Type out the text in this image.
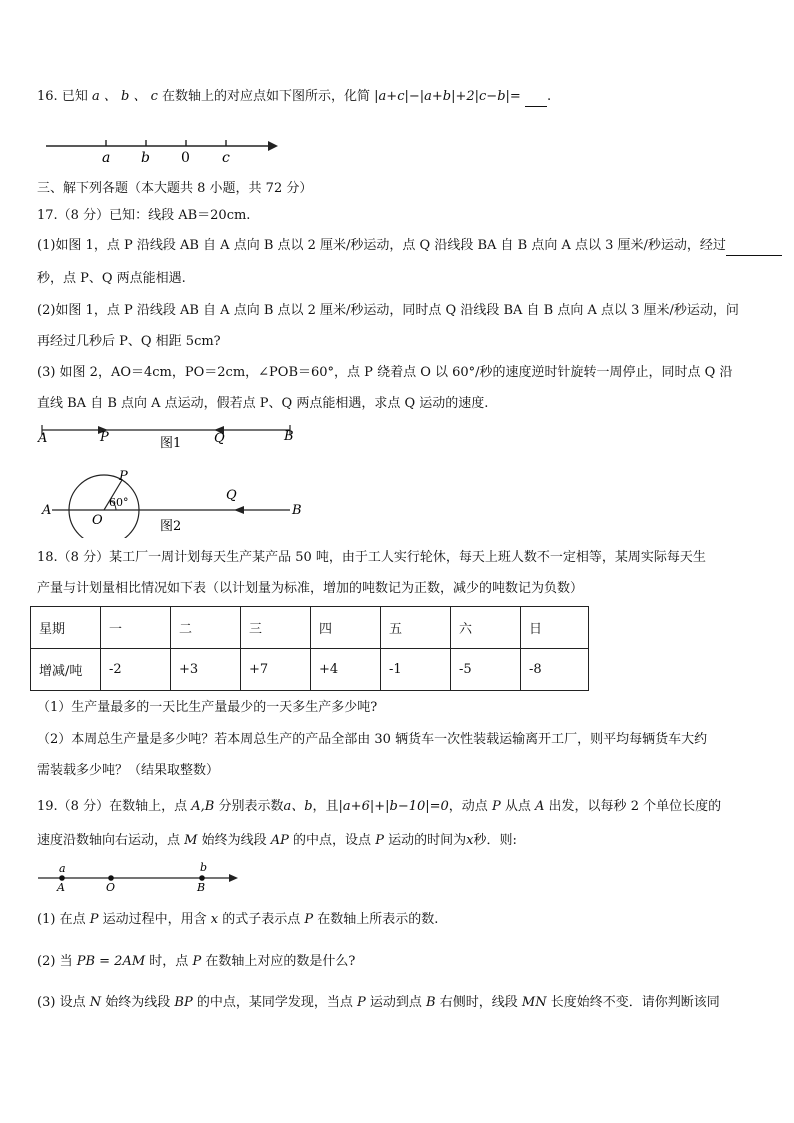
16. 已知 a 、 b 、 c 在数轴上的对应点如下图所示，化简 |a+c|−|a+b|+2|c−b|= .
a b 0 c
三、解下列各题（本大题共 8 小题，共 72 分）
17.（8 分）已知：线段 AB＝20cm.
(1)如图 1，点 P 沿线段 AB 自 A 点向 B 点以 2 厘米/秒运动，点 Q 沿线段 BA 自 B 点向 A 点以 3 厘米/秒运动，经过
秒，点 P、Q 两点能相遇.
(2)如图 1，点 P 沿线段 AB 自 A 点向 B 点以 2 厘米/秒运动，同时点 Q 沿线段 BA 自 B 点向 A 点以 3 厘米/秒运动，问
再经过几秒后 P、Q 相距 5cm?
(3) 如图 2，AO＝4cm，PO＝2cm，∠POB＝60°，点 P 绕着点 O 以 60°/秒的速度逆时针旋转一周停止，同时点 Q 沿
直线 BA 自 B 点向 A 点运动，假若点 P、Q 两点能相遇，求点 Q 运动的速度.
A	P	Q	B
图1
A
O
P
60°	Q
B
图2
18.（8 分）某工厂一周计划每天生产某产品 50 吨，由于工人实行轮休，每天上班人数不一定相等，某周实际每天生
产量与计划量相比情况如下表（以计划量为标准，增加的吨数记为正数，减少的吨数记为负数）
星期	一	二	三	四	五	六	日
增减/吨	-2	+3	+7	+4	-1	-5	-8
（1）生产量最多的一天比生产量最少的一天多生产多少吨?
（2）本周总生产量是多少吨？若本周总生产的产品全部由 30 辆货车一次性装载运输离开工厂，则平均每辆货车大约
需装载多少吨？（结果取整数）
19.（8 分）在数轴上，点 A,B 分别表示数a、b，且|a+6|+|b−10|=0，动点 P 从点 A 出发，以每秒 2 个单位长度的
速度沿数轴向右运动，点 M 始终为线段 AP 的中点，设点 P 运动的时间为x秒．则:
a	b
A	O	B
(1) 在点 P 运动过程中，用含 x 的式子表示点 P 在数轴上所表示的数.
(2) 当 PB = 2AM 时，点 P 在数轴上对应的数是什么?
(3) 设点 N 始终为线段 BP 的中点，某同学发现，当点 P 运动到点 B 右侧时，线段 MN 长度始终不变．请你判断该同
